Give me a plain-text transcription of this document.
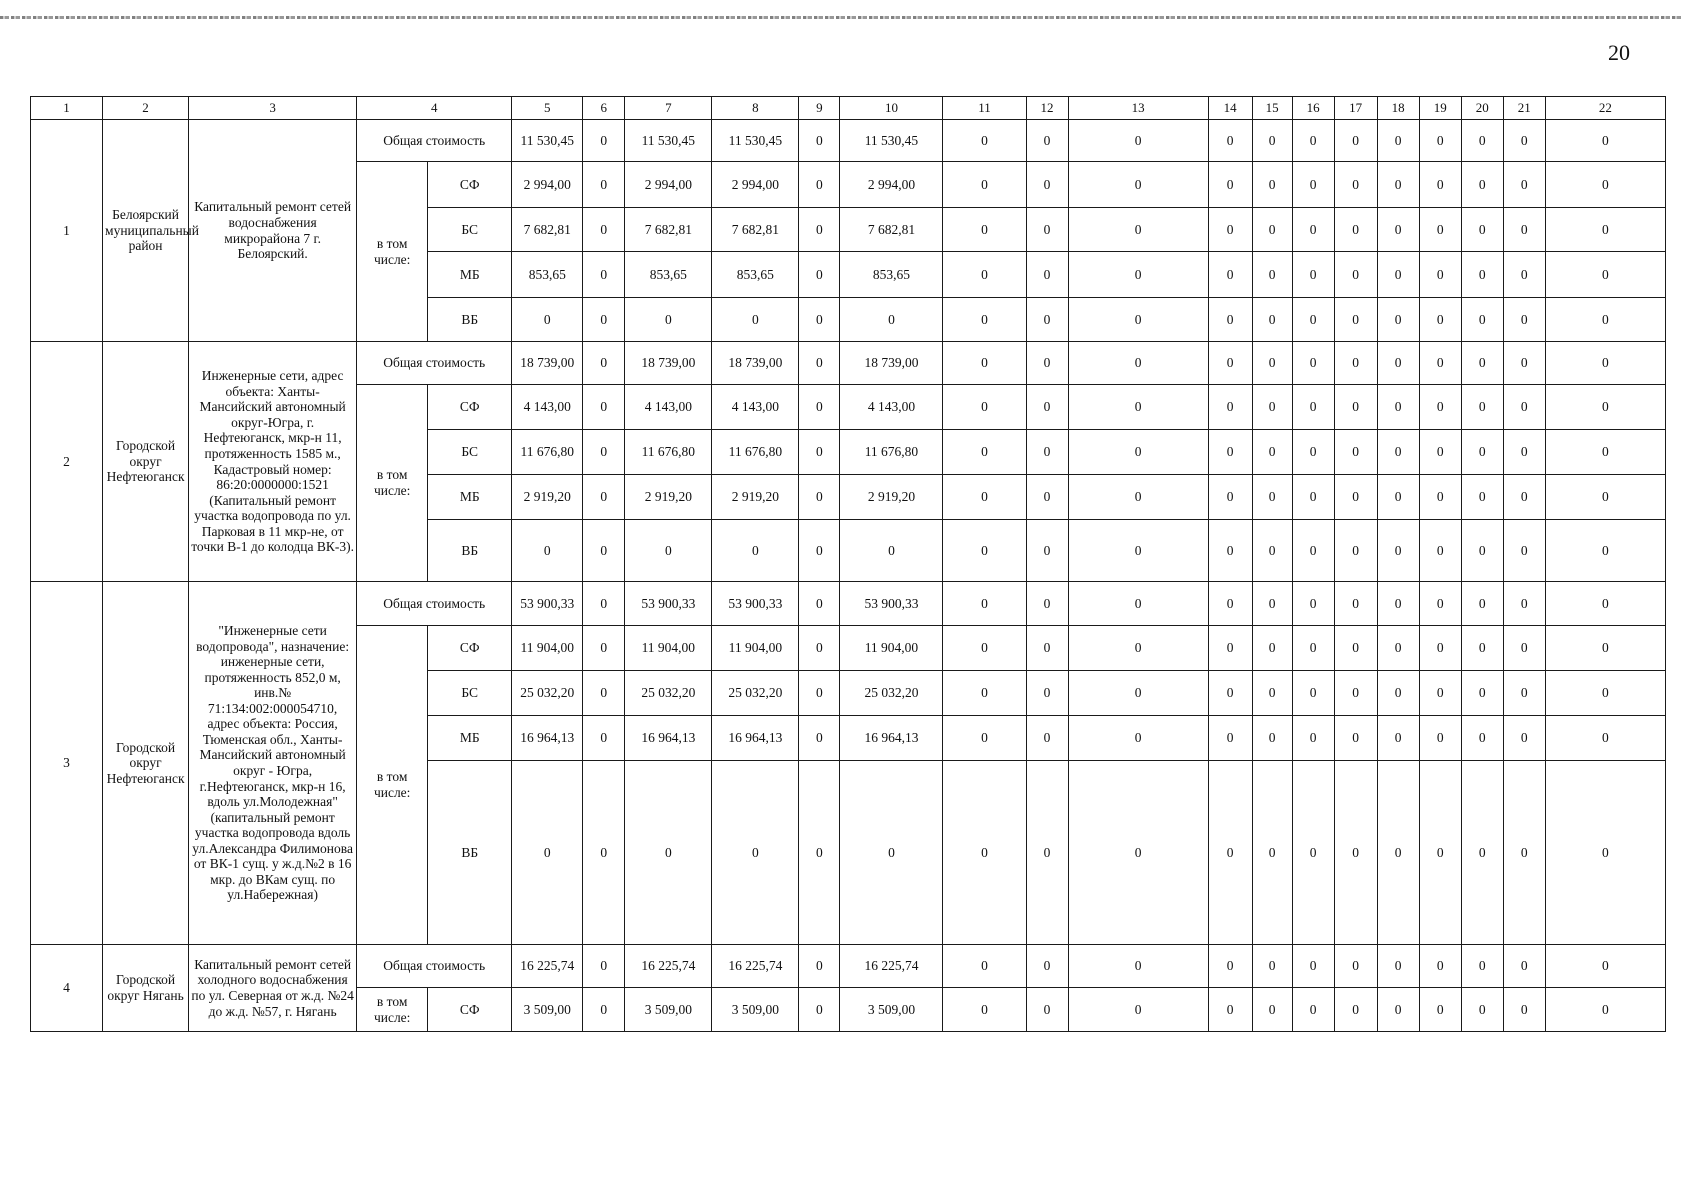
20
1	2	3	4		5	6	7	8	9	10	11	12	13	14	15	16	17	18	19	20	21	22
1	Белоярский муниципальный район	Капитальный ремонт сетей водоснабжения микрорайона 7 г. Белоярский.	Общая стоимость		11 530,45	0	11 530,45	11 530,45	0	11 530,45	0	0	0	0	0	0	0	0	0	0	0	0
			в том числе:	СФ	2 994,00	0	2 994,00	2 994,00	0	2 994,00	0	0	0	0	0	0	0	0	0	0	0	0
				БС	7 682,81	0	7 682,81	7 682,81	0	7 682,81	0	0	0	0	0	0	0	0	0	0	0	0
				МБ	853,65	0	853,65	853,65	0	853,65	0	0	0	0	0	0	0	0	0	0	0	0
				ВБ	0	0	0	0	0	0	0	0	0	0	0	0	0	0	0	0	0	0
2	Городской округ Нефтеюганск	Инженерные сети, адрес объекта: Ханты-Мансийский автономный округ-Югра, г. Нефтеюганск, мкр-н 11, протяженность 1585 м., Кадастровый номер: 86:20:0000000:1521 (Капитальный ремонт участка водопровода по ул. Парковая в 11 мкр-не, от точки В-1 до колодца ВК-3).	Общая стоимость		18 739,00	0	18 739,00	18 739,00	0	18 739,00	0	0	0	0	0	0	0	0	0	0	0	0
			в том числе:	СФ	4 143,00	0	4 143,00	4 143,00	0	4 143,00	0	0	0	0	0	0	0	0	0	0	0	0
				БС	11 676,80	0	11 676,80	11 676,80	0	11 676,80	0	0	0	0	0	0	0	0	0	0	0	0
				МБ	2 919,20	0	2 919,20	2 919,20	0	2 919,20	0	0	0	0	0	0	0	0	0	0	0	0
				ВБ	0	0	0	0	0	0	0	0	0	0	0	0	0	0	0	0	0	0
3	Городской округ Нефтеюганск	"Инженерные сети водопровода", назначение: инженерные сети, протяженность 852,0 м, инв.№ 71:134:002:000054710, адрес объекта: Россия, Тюменская обл., Ханты-Мансийский автономный округ - Югра, г.Нефтеюганск, мкр-н 16, вдоль ул.Молодежная" (капитальный ремонт участка водопровода вдоль ул.Александра Филимонова от ВК-1 сущ. у ж.д.№2 в 16 мкр. до ВКам сущ. по ул.Набережная)	Общая стоимость		53 900,33	0	53 900,33	53 900,33	0	53 900,33	0	0	0	0	0	0	0	0	0	0	0	0
			в том числе:	СФ	11 904,00	0	11 904,00	11 904,00	0	11 904,00	0	0	0	0	0	0	0	0	0	0	0	0
				БС	25 032,20	0	25 032,20	25 032,20	0	25 032,20	0	0	0	0	0	0	0	0	0	0	0	0
				МБ	16 964,13	0	16 964,13	16 964,13	0	16 964,13	0	0	0	0	0	0	0	0	0	0	0	0
				ВБ	0	0	0	0	0	0	0	0	0	0	0	0	0	0	0	0	0	0
4	Городской округ Нягань	Капитальный ремонт сетей холодного водоснабжения по ул. Северная от ж.д. №24 до ж.д. №57, г. Нягань	Общая стоимость		16 225,74	0	16 225,74	16 225,74	0	16 225,74	0	0	0	0	0	0	0	0	0	0	0	0
			в том числе:	СФ	3 509,00	0	3 509,00	3 509,00	0	3 509,00	0	0	0	0	0	0	0	0	0	0	0	0
